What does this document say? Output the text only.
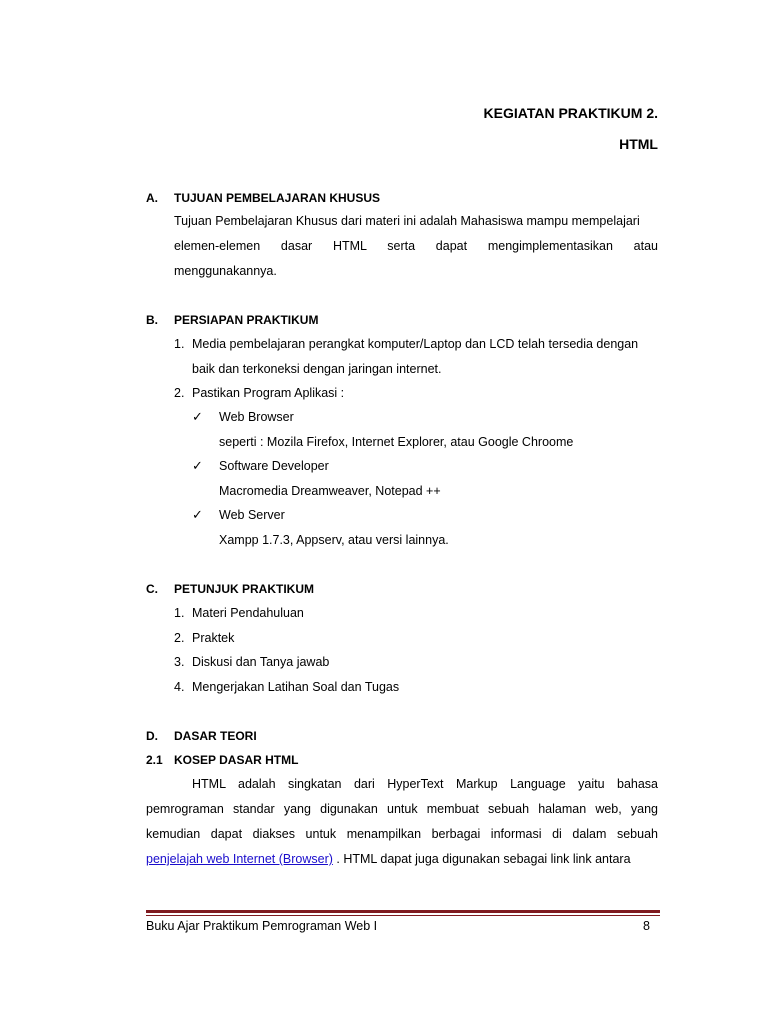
KEGIATAN PRAKTIKUM 2.
HTML
A. TUJUAN PEMBELAJARAN KHUSUS
Tujuan Pembelajaran Khusus dari materi ini adalah Mahasiswa mampu mempelajari
elemen-elemen dasar HTML serta dapat mengimplementasikan atau
menggunakannya.
B. PERSIAPAN PRAKTIKUM
1. Media pembelajaran perangkat komputer/Laptop dan LCD telah tersedia dengan
baik dan terkoneksi dengan jaringan internet.
2. Pastikan Program Aplikasi :
✓ Web Browser
seperti : Mozila Firefox, Internet Explorer, atau Google Chroome
✓ Software Developer
Macromedia Dreamweaver, Notepad ++
✓ Web Server
Xampp 1.7.3, Appserv, atau versi lainnya.
C. PETUNJUK PRAKTIKUM
1. Materi Pendahuluan
2. Praktek
3. Diskusi dan Tanya jawab
4. Mengerjakan Latihan Soal dan Tugas
D. DASAR TEORI
2.1 KOSEP DASAR HTML
HTML adalah singkatan dari HyperText Markup Language yaitu bahasa
pemrograman standar yang digunakan untuk membuat sebuah halaman web, yang
kemudian dapat diakses untuk menampilkan berbagai informasi di dalam sebuah
penjelajah web Internet (Browser) . HTML dapat juga digunakan sebagai link link antara
Buku Ajar Praktikum Pemrograman Web I	8
